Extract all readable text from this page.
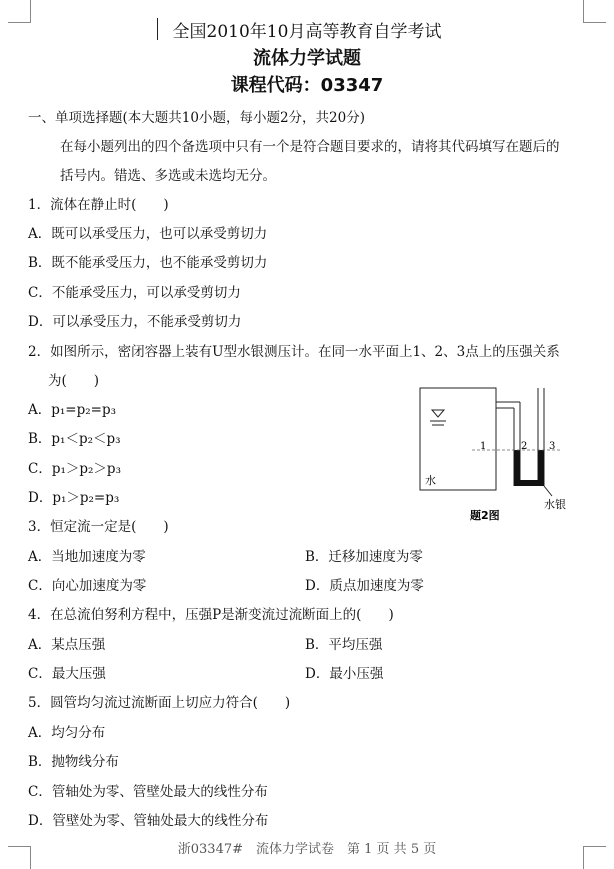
全国2010年10月高等教育自学考试
流体力学试题
课程代码：03347
一、单项选择题(本大题共10小题，每小题2分，共20分)
在每小题列出的四个备选项中只有一个是符合题目要求的，请将其代码填写在题后的
括号内。错选、多选或未选均无分。
1．流体在静止时(　　)
A．既可以承受压力，也可以承受剪切力
B．既不能承受压力，也不能承受剪切力
C．不能承受压力，可以承受剪切力
D．可以承受压力，不能承受剪切力
2．如图所示，密闭容器上装有U型水银测压计。在同一水平面上1、2、3点上的压强关系
为(　　)
A．p₁=p₂=p₃
B．p₁＜p₂＜p₃
C．p₁＞p₂＞p₃
D．p₁＞p₂=p₃
1	2 3
水
水银
题2图
3．恒定流一定是(　　)
A．当地加速度为零	B．迁移加速度为零
C．向心加速度为零	D．质点加速度为零
4．在总流伯努利方程中，压强P是渐变流过流断面上的(　　)
A．某点压强	B．平均压强
C．最大压强	D．最小压强
5．圆管均匀流过流断面上切应力符合(　　)
A．均匀分布
B．抛物线分布
C．管轴处为零、管壁处最大的线性分布
D．管壁处为零、管轴处最大的线性分布
浙03347#　流体力学试卷　第 1 页 共 5 页
